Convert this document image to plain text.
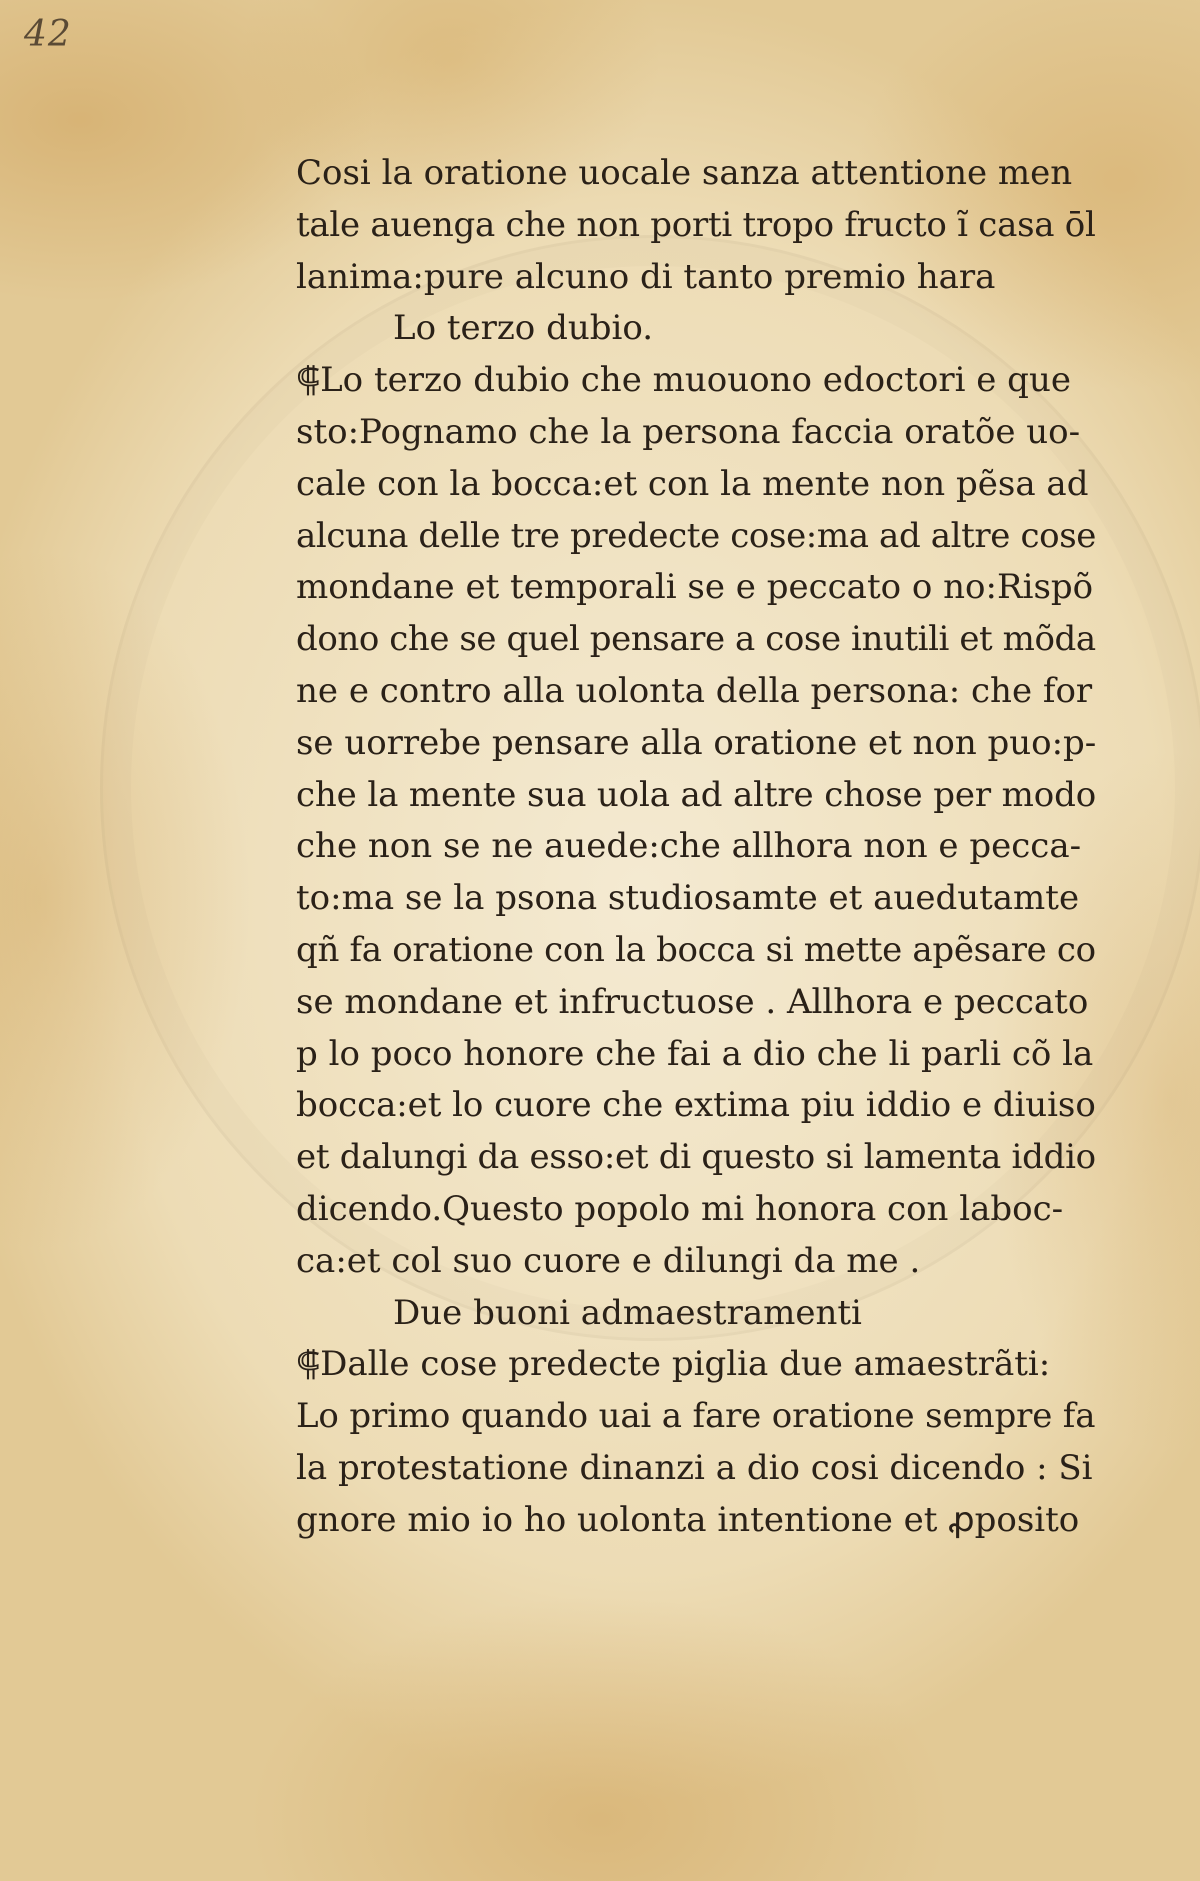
42
Cosi la oratione uocale sanza attentione men
tale auenga che non porti tropo fructo ĩ casa ōl
lanima:pure alcuno di tanto premio hara
Lo terzo dubio.
⸿Lo terzo dubio che muouono edoctori e que
sto:Pognamo che la persona faccia oratõe uo-
cale con la bocca:et con la mente non pẽsa ad
alcuna delle tre predecte cose:ma ad altre cose
mondane et temporali se e peccato o no:Rispõ
dono che se quel pensare a cose inutili et mõda
ne e contro alla uolonta della persona: che for
se uorrebe pensare alla oratione et non puo:p-
che la mente sua uola ad altre chose per modo
che non se ne auede:che allhora non e pecca-
to:ma se la psona studiosamte et auedutamte
qñ fa oratione con la bocca si mette apẽsare co
se mondane et infructuose . Allhora e peccato
p lo poco honore che fai a dio che li parli cõ la
bocca:et lo cuore che extima piu iddio e diuiso
et dalungi da esso:et di questo si lamenta iddio
dicendo.Questo popolo mi honora con laboc-
ca:et col suo cuore e dilungi da me .
Due buoni admaestramenti
⸿Dalle cose predecte piglia due amaestrãti:
Lo primo quando uai a fare oratione sempre fa
la protestatione dinanzi a dio cosi dicendo : Si
gnore mio io ho uolonta intentione et ꝓposito
